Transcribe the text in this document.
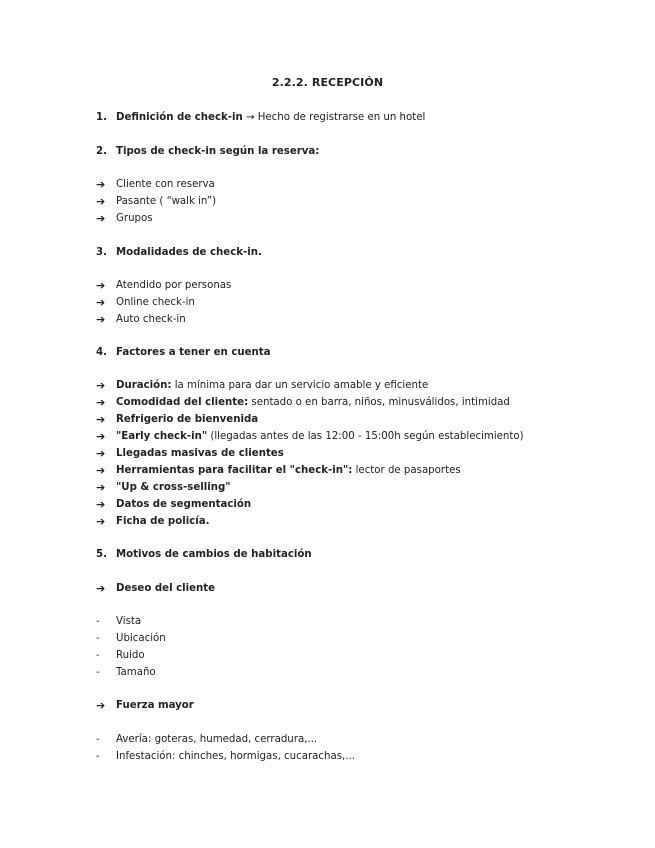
2.2.2. RECEPCIÓN
1. Definición de check-in → Hecho de registrarse en un hotel
2. Tipos de check-in según la reserva:
➔	Cliente con reserva
➔	Pasante ( “walk in”)
➔	Grupos
3. Modalidades de check-in.
➔	Atendido por personas
➔	Online check-in
➔	Auto check-in
4. Factores a tener en cuenta
➔	Duración: la mínima para dar un servicio amable y eficiente
➔	Comodidad del cliente: sentado o en barra, niños, minusválidos, intimidad
➔	Refrigerio de bienvenida
➔	"Early check-in" (llegadas antes de las 12:00 - 15:00h según establecimiento)
➔	Llegadas masivas de clientes
➔	Herramientas para facilitar el "check-in": lector de pasaportes
➔	"Up & cross-selling"
➔	Datos de segmentación
➔	Ficha de policía.
5. Motivos de cambios de habitación
➔	Deseo del cliente
-	Vista
-	Ubicación
-	Ruido
-	Tamaño
➔	Fuerza mayor
-	Avería: goteras, humedad, cerradura,...
-	Infestación: chinches, hormigas, cucarachas,...
